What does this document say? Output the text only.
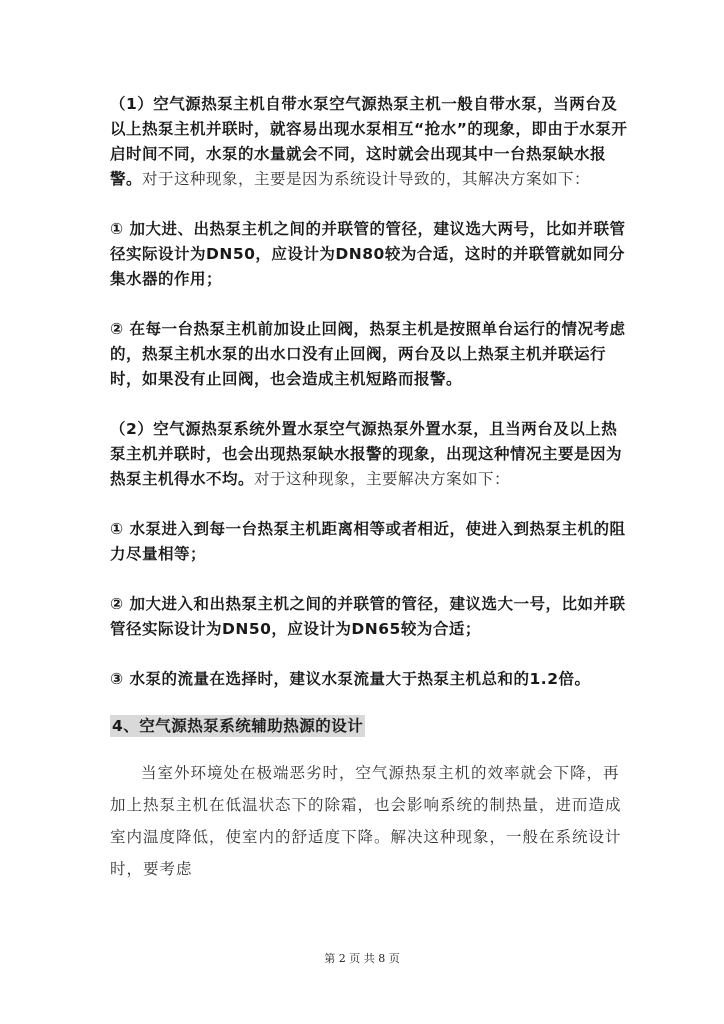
（1）空气源热泵主机自带水泵空气源热泵主机一般自带水泵，当两台及以上热泵主机并联时，就容易出现水泵相互“抢水”的现象，即由于水泵开启时间不同，水泵的水量就会不同，这时就会出现其中一台热泵缺水报警。对于这种现象，主要是因为系统设计导致的，其解决方案如下：

① 加大进、出热泵主机之间的并联管的管径，建议选大两号，比如并联管径实际设计为DN50，应设计为DN80较为合适，这时的并联管就如同分集水器的作用；

② 在每一台热泵主机前加设止回阀，热泵主机是按照单台运行的情况考虑的，热泵主机水泵的出水口没有止回阀，两台及以上热泵主机并联运行时，如果没有止回阀，也会造成主机短路而报警。

（2）空气源热泵系统外置水泵空气源热泵外置水泵，且当两台及以上热泵主机并联时，也会出现热泵缺水报警的现象，出现这种情况主要是因为热泵主机得水不均。对于这种现象，主要解决方案如下：

① 水泵进入到每一台热泵主机距离相等或者相近，使进入到热泵主机的阻力尽量相等；

② 加大进入和出热泵主机之间的并联管的管径，建议选大一号，比如并联管径实际设计为DN50，应设计为DN65较为合适；

③ 水泵的流量在选择时，建议水泵流量大于热泵主机总和的1.2倍。

4、空气源热泵系统辅助热源的设计

当室外环境处在极端恶劣时，空气源热泵主机的效率就会下降，再加上热泵主机在低温状态下的除霜，也会影响系统的制热量，进而造成室内温度降低，使室内的舒适度下降。解决这种现象，一般在系统设计时，要考虑

第 2 页 共 8 页
